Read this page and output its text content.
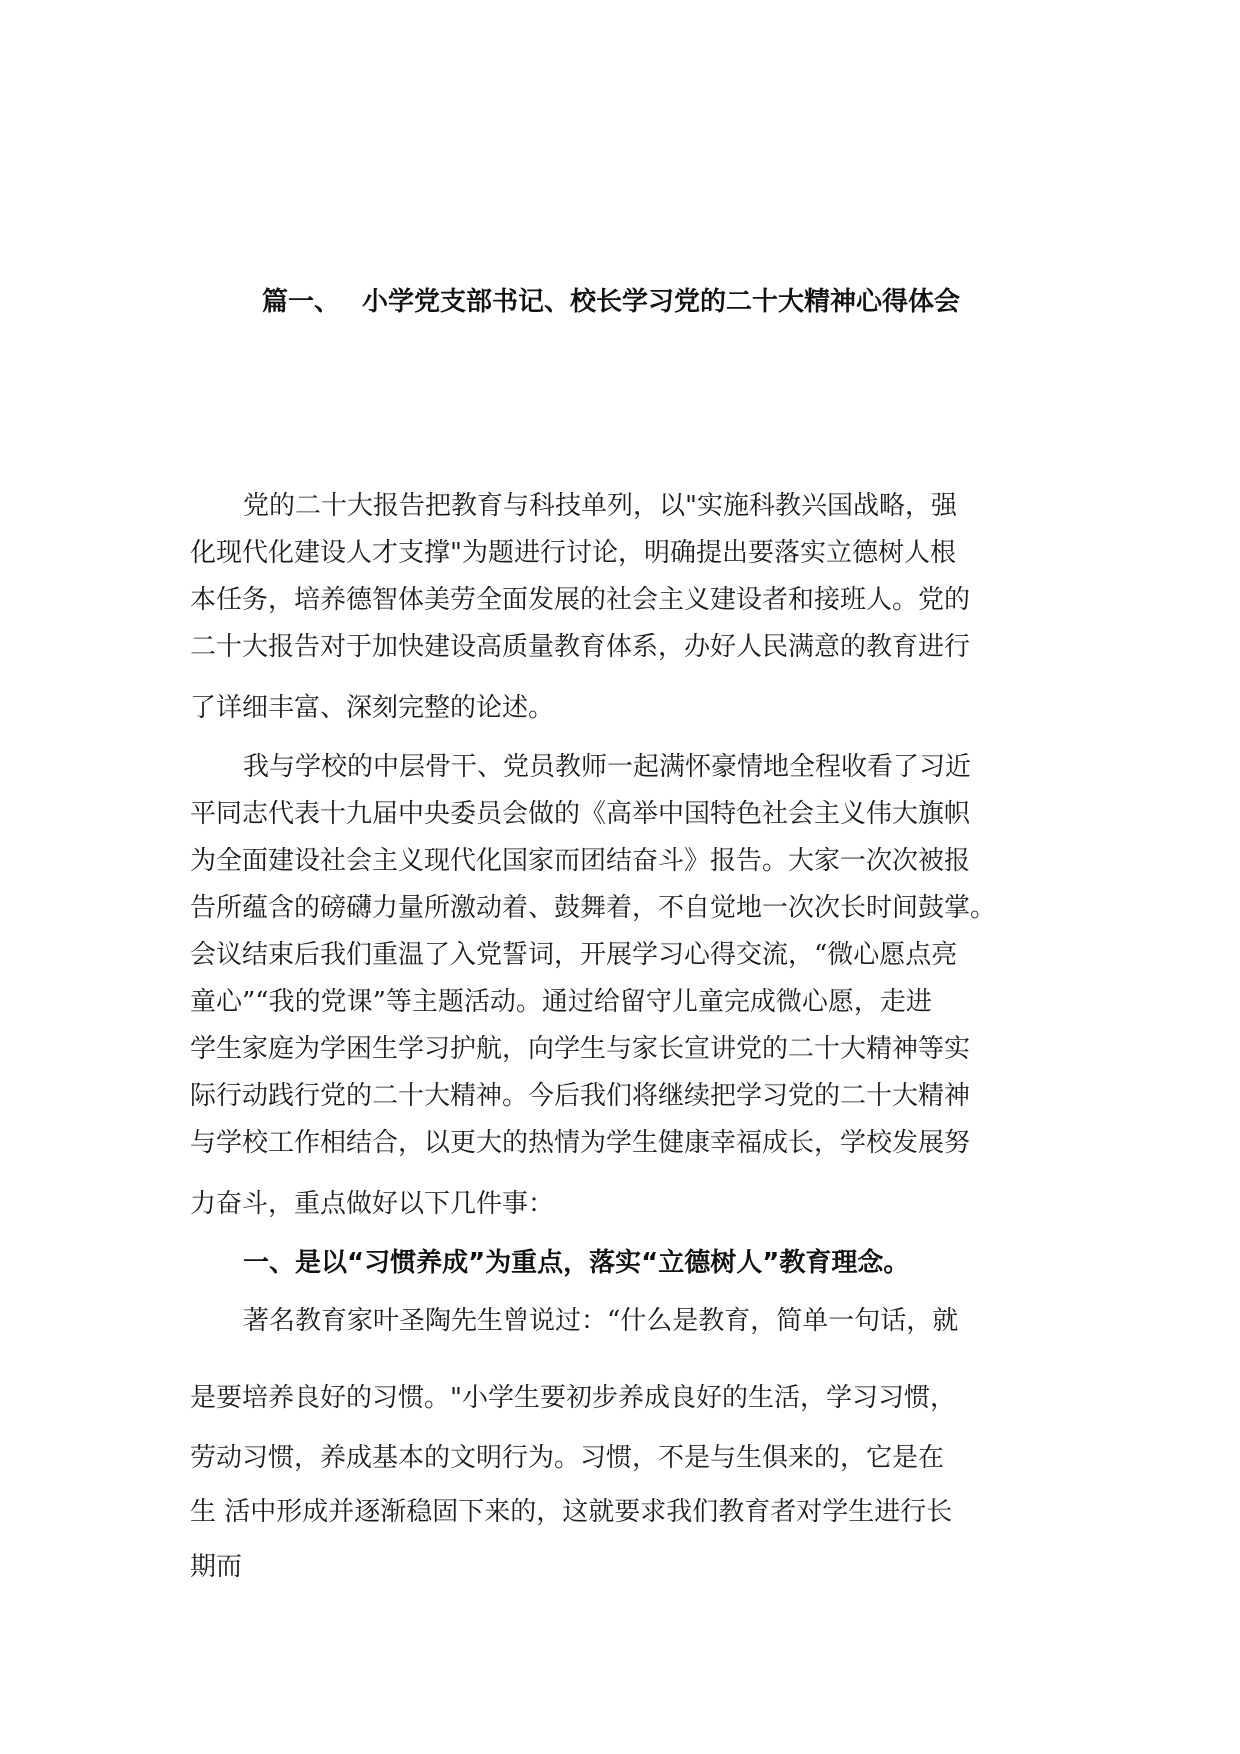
篇一、 小学党支部书记、校长学习党的二十大精神心得体会
党的二十大报告把教育与科技单列，以"实施科教兴国战略，强
化现代化建设人才支撑"为题进行讨论，明确提出要落实立德树人根
本任务，培养德智体美劳全面发展的社会主义建设者和接班人。党的
二十大报告对于加快建设高质量教育体系，办好人民满意的教育进行
了详细丰富、深刻完整的论述。
我与学校的中层骨干、党员教师一起满怀豪情地全程收看了习近
平同志代表十九届中央委员会做的《高举中国特色社会主义伟大旗帜
为全面建设社会主义现代化国家而团结奋斗》报告。大家一次次被报
告所蕴含的磅礴力量所激动着、鼓舞着，不自觉地一次次长时间鼓掌。
会议结束后我们重温了入党誓词，开展学习心得交流，“微心愿点亮
童心”“我的党课”等主题活动。通过给留守儿童完成微心愿，走进
学生家庭为学困生学习护航，向学生与家长宣讲党的二十大精神等实
际行动践行党的二十大精神。今后我们将继续把学习党的二十大精神
与学校工作相结合，以更大的热情为学生健康幸福成长，学校发展努
力奋斗，重点做好以下几件事：
一、是以“习惯养成”为重点，落实“立德树人”教育理念。
著名教育家叶圣陶先生曾说过：“什么是教育，简单一句话，就
是要培养良好的习惯。"小学生要初步养成良好的生活，学习习惯，
劳动习惯，养成基本的文明行为。习惯，不是与生俱来的，它是在
生 活中形成并逐渐稳固下来的，这就要求我们教育者对学生进行长
期而
